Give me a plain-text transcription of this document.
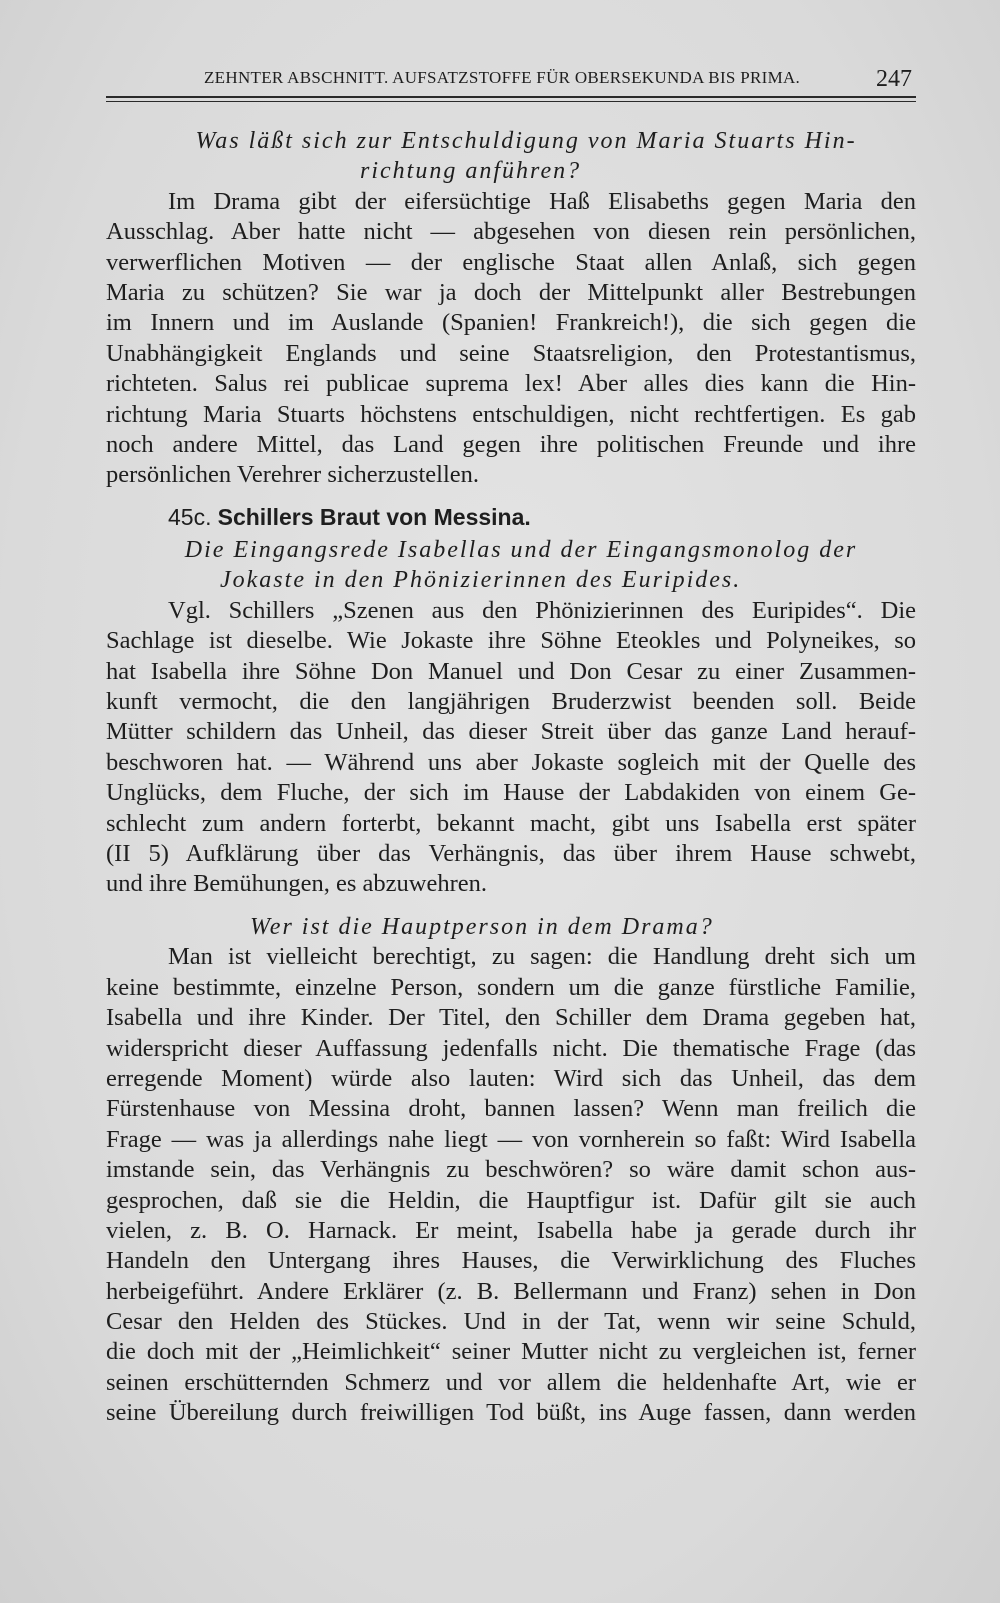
ZEHNTER ABSCHNITT. AUFSATZSTOFFE FÜR OBERSEKUNDA BIS PRIMA.	247
Was läßt sich zur Entschuldigung von Maria Stuarts Hin-
richtung anführen?
Im Drama gibt der eifersüchtige Haß Elisabeths gegen Maria den
Ausschlag. Aber hatte nicht — abgesehen von diesen rein persönlichen,
verwerflichen Motiven — der englische Staat allen Anlaß, sich gegen
Maria zu schützen? Sie war ja doch der Mittelpunkt aller Bestrebungen
im Innern und im Auslande (Spanien! Frankreich!), die sich gegen die
Unabhängigkeit Englands und seine Staatsreligion, den Protestantismus,
richteten. Salus rei publicae suprema lex! Aber alles dies kann die Hin-
richtung Maria Stuarts höchstens entschuldigen, nicht rechtfertigen. Es gab
noch andere Mittel, das Land gegen ihre politischen Freunde und ihre
persönlichen Verehrer sicherzustellen.
45c. Schillers Braut von Messina.
Die Eingangsrede Isabellas und der Eingangsmonolog der
Jokaste in den Phönizierinnen des Euripides.
Vgl. Schillers „Szenen aus den Phönizierinnen des Euripides“. Die
Sachlage ist dieselbe. Wie Jokaste ihre Söhne Eteokles und Polyneikes, so
hat Isabella ihre Söhne Don Manuel und Don Cesar zu einer Zusammen-
kunft vermocht, die den langjährigen Bruderzwist beenden soll. Beide
Mütter schildern das Unheil, das dieser Streit über das ganze Land herauf-
beschworen hat. — Während uns aber Jokaste sogleich mit der Quelle des
Unglücks, dem Fluche, der sich im Hause der Labdakiden von einem Ge-
schlecht zum andern forterbt, bekannt macht, gibt uns Isabella erst später
(II 5) Aufklärung über das Verhängnis, das über ihrem Hause schwebt,
und ihre Bemühungen, es abzuwehren.
Wer ist die Hauptperson in dem Drama?
Man ist vielleicht berechtigt, zu sagen: die Handlung dreht sich um
keine bestimmte, einzelne Person, sondern um die ganze fürstliche Familie,
Isabella und ihre Kinder. Der Titel, den Schiller dem Drama gegeben hat,
widerspricht dieser Auffassung jedenfalls nicht. Die thematische Frage (das
erregende Moment) würde also lauten: Wird sich das Unheil, das dem
Fürstenhause von Messina droht, bannen lassen? Wenn man freilich die
Frage — was ja allerdings nahe liegt — von vornherein so faßt: Wird Isabella
imstande sein, das Verhängnis zu beschwören? so wäre damit schon aus-
gesprochen, daß sie die Heldin, die Hauptfigur ist. Dafür gilt sie auch
vielen, z. B. O. Harnack. Er meint, Isabella habe ja gerade durch ihr
Handeln den Untergang ihres Hauses, die Verwirklichung des Fluches
herbeigeführt. Andere Erklärer (z. B. Bellermann und Franz) sehen in Don
Cesar den Helden des Stückes. Und in der Tat, wenn wir seine Schuld,
die doch mit der „Heimlichkeit“ seiner Mutter nicht zu vergleichen ist, ferner
seinen erschütternden Schmerz und vor allem die heldenhafte Art, wie er
seine Übereilung durch freiwilligen Tod büßt, ins Auge fassen, dann werden
